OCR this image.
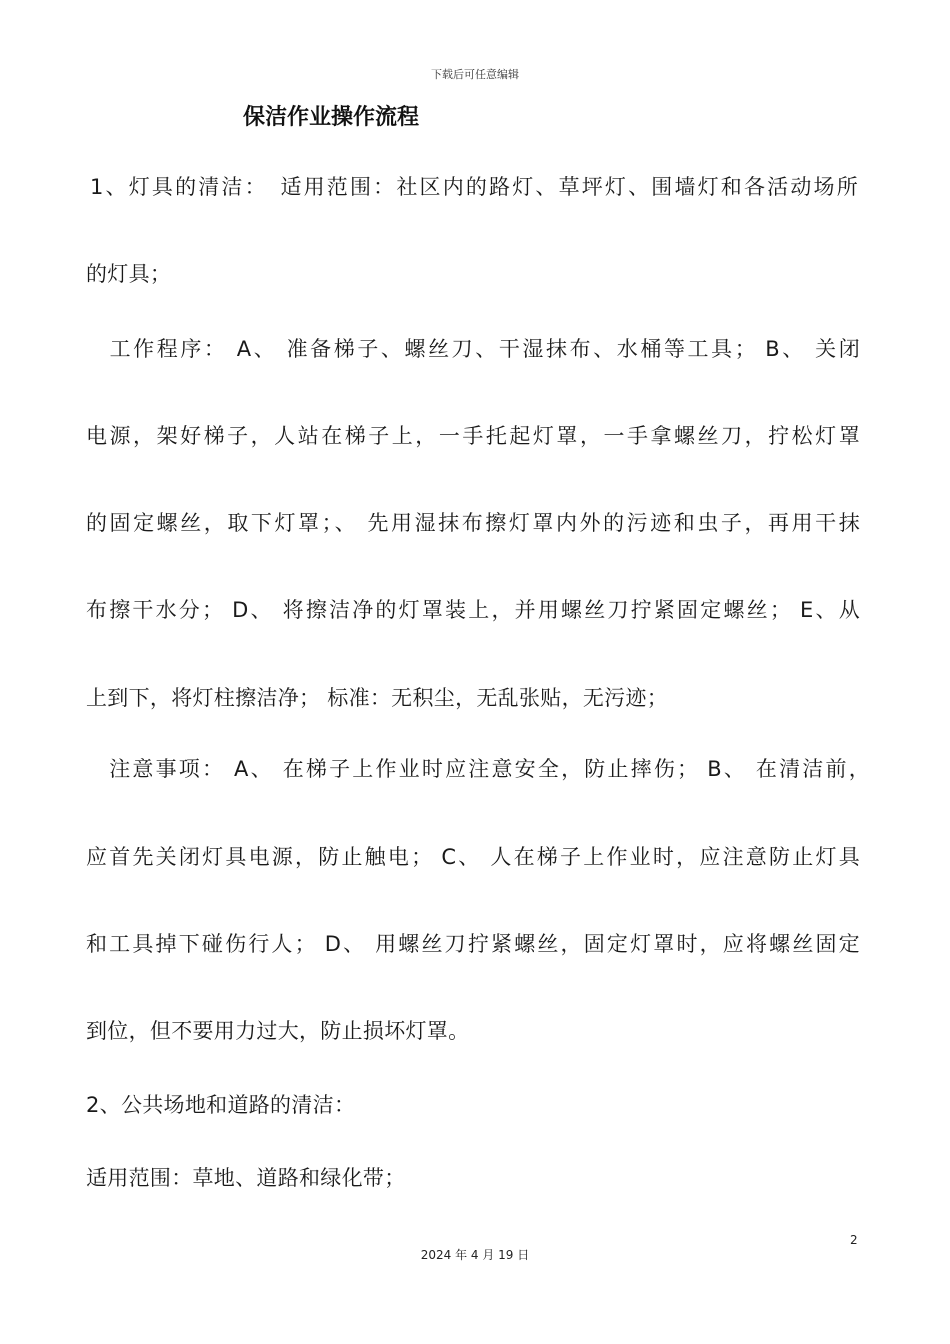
下载后可任意编辑
保洁作业操作流程
1、灯具的清洁：　适用范围：社区内的路灯、草坪灯、围墙灯和各活动场所
的灯具；
　工作程序： A、 准备梯子、螺丝刀、干湿抹布、水桶等工具； B、 关闭
电源，架好梯子，人站在梯子上，一手托起灯罩，一手拿螺丝刀，拧松灯罩
的固定螺丝，取下灯罩；、 先用湿抹布擦灯罩内外的污迹和虫子，再用干抹
布擦干水分； D、 将擦洁净的灯罩装上，并用螺丝刀拧紧固定螺丝； E、从
上到下，将灯柱擦洁净； 标准：无积尘，无乱张贴，无污迹；
　注意事项： A、 在梯子上作业时应注意安全，防止摔伤； B、 在清洁前，
应首先关闭灯具电源，防止触电； C、 人在梯子上作业时，应注意防止灯具
和工具掉下碰伤行人； D、 用螺丝刀拧紧螺丝，固定灯罩时，应将螺丝固定
到位，但不要用力过大，防止损坏灯罩。
2、公共场地和道路的清洁：
适用范围：草地、道路和绿化带；
2
2024 年 4 月 19 日
